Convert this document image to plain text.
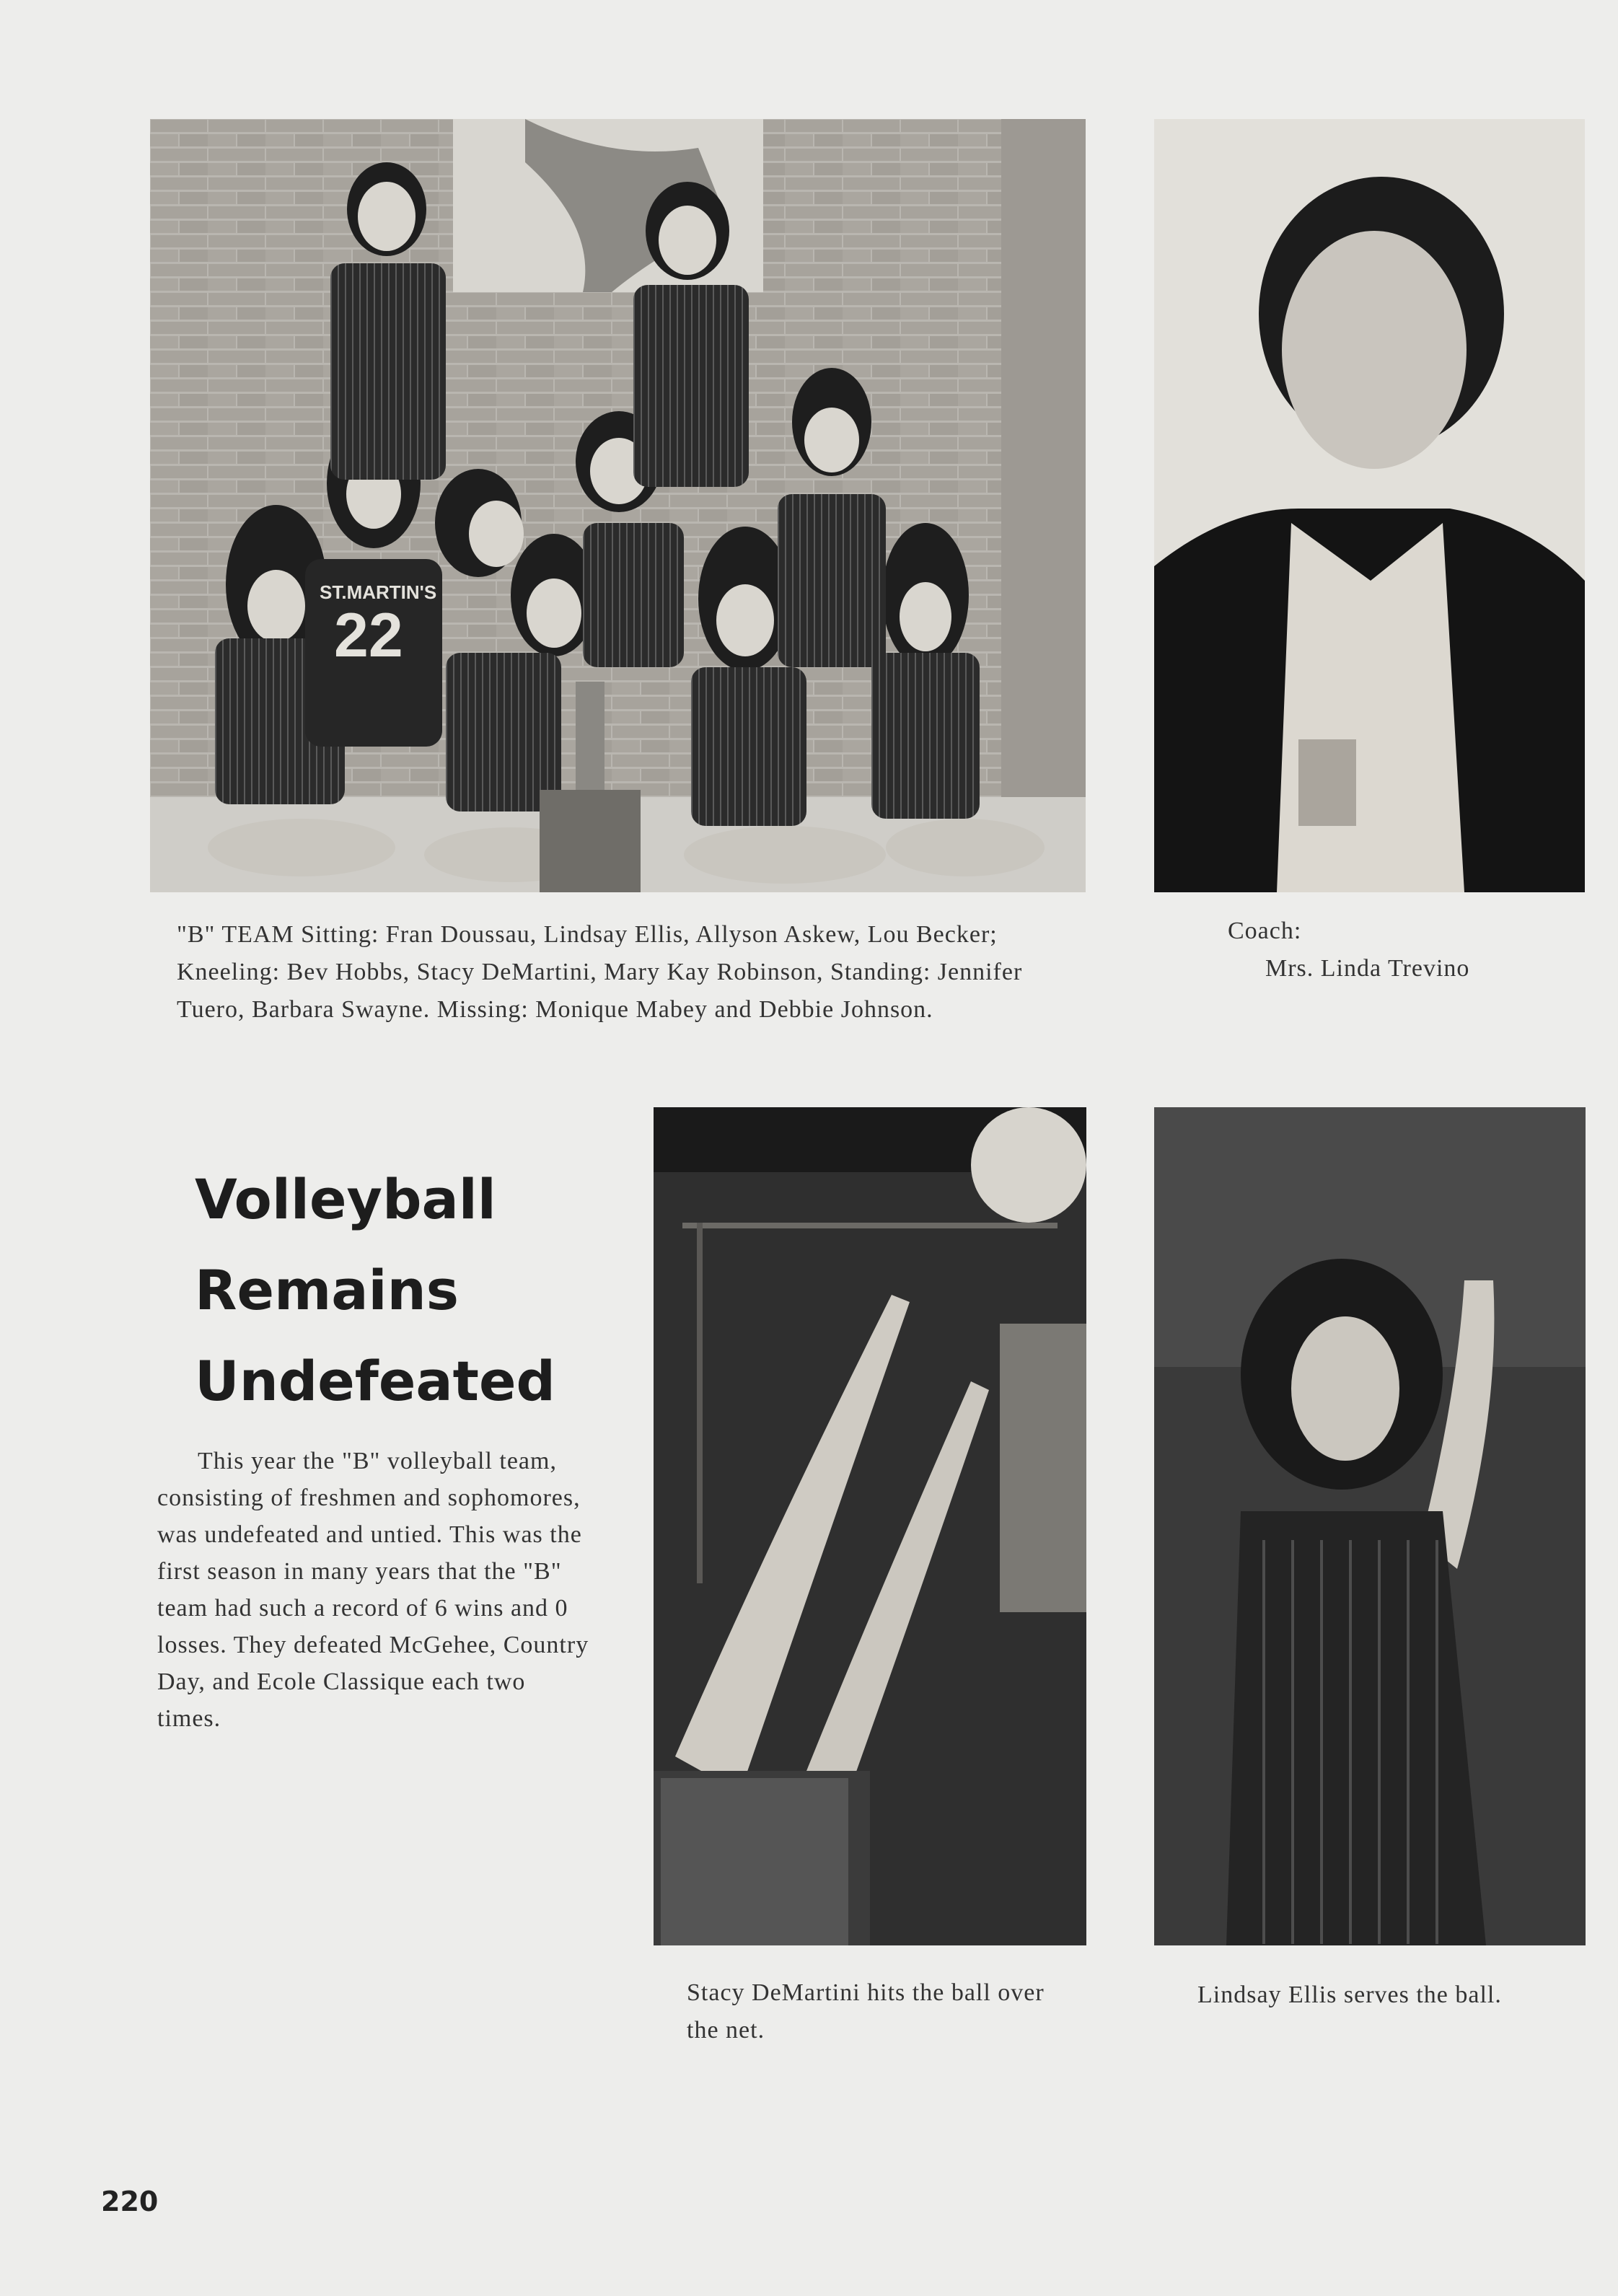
ST.MARTIN'S
22
"B" TEAM Sitting: Fran Doussau, Lindsay Ellis, Allyson Askew, Lou Becker; Kneeling: Bev Hobbs, Stacy DeMartini, Mary Kay Robinson, Standing: Jennifer Tuero, Barbara Swayne. Missing: Monique Mabey and Debbie Johnson.
Coach:
Mrs. Linda Trevino
Volleyball
Remains
Undefeated

This year the "B" volleyball team, consisting of freshmen and sophomores, was undefeated and untied. This was the first season in many years that the "B" team had such a record of 6 wins and 0 losses. They defeated McGehee, Country Day, and Ecole Classique each two times.

Stacy DeMartini hits the ball over the net.
Lindsay Ellis serves the ball.
220
